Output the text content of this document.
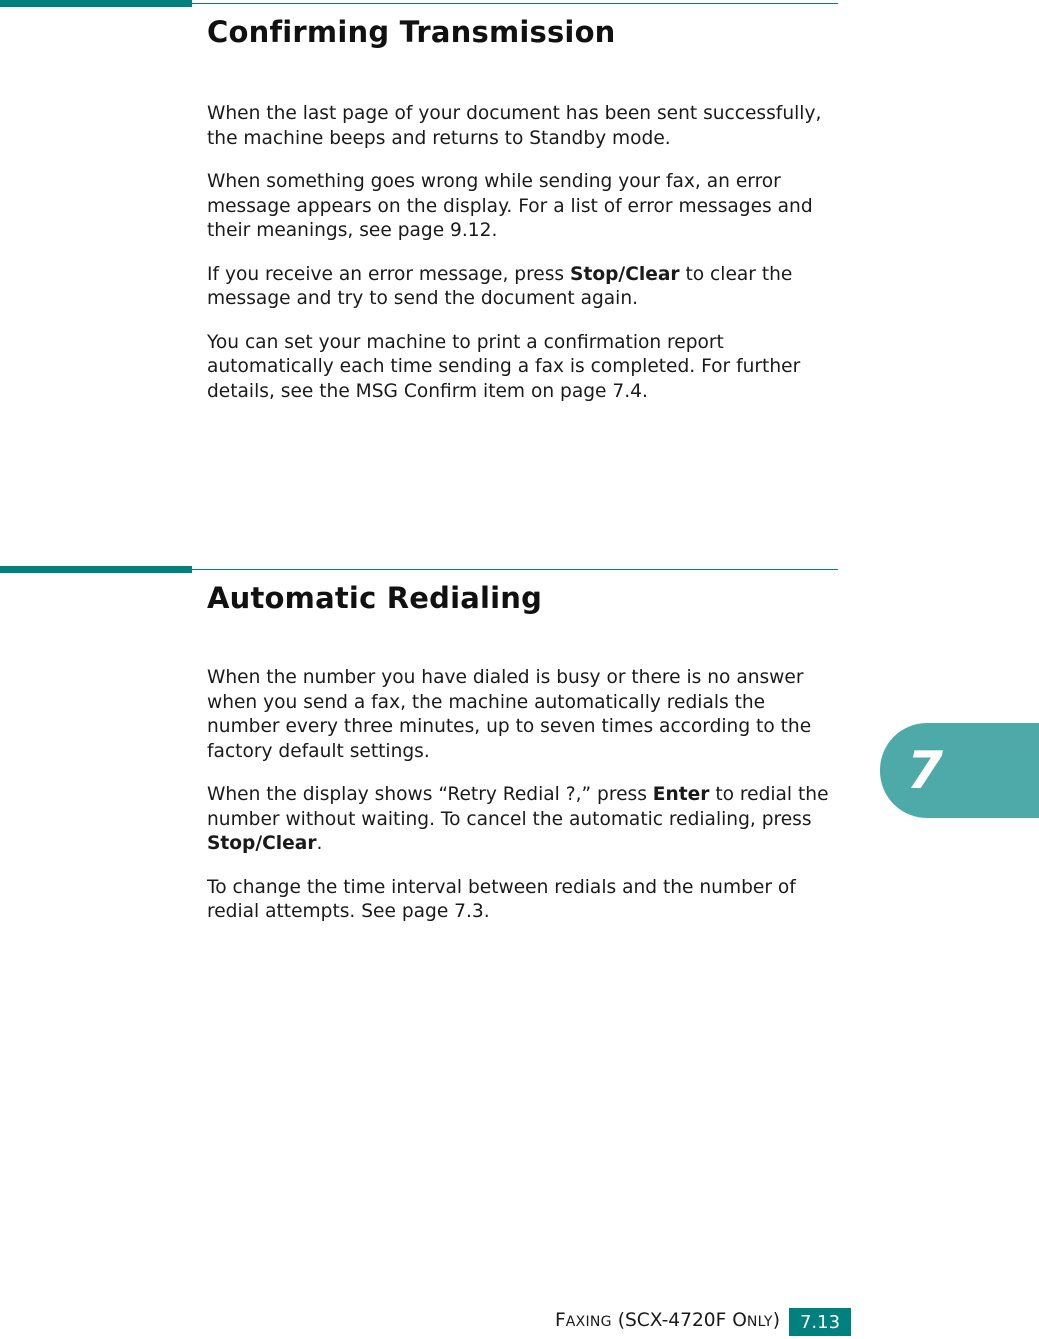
Confirming Transmission

When the last page of your document has been sent successfully, the machine beeps and returns to Standby mode.

When something goes wrong while sending your fax, an error message appears on the display. For a list of error messages and their meanings, see page 9.12.

If you receive an error message, press Stop/Clear to clear the message and try to send the document again.

You can set your machine to print a confirmation report automatically each time sending a fax is completed. For further details, see the MSG Confirm item on page 7.4.

Automatic Redialing

When the number you have dialed is busy or there is no answer when you send a fax, the machine automatically redials the number every three minutes, up to seven times according to the factory default settings.

When the display shows “Retry Redial ?,” press Enter to redial the number without waiting. To cancel the automatic redialing, press Stop/Clear.

To change the time interval between redials and the number of redial attempts. See page 7.3.

7
FAXING (SCX-4720F ONLY)	7.13
